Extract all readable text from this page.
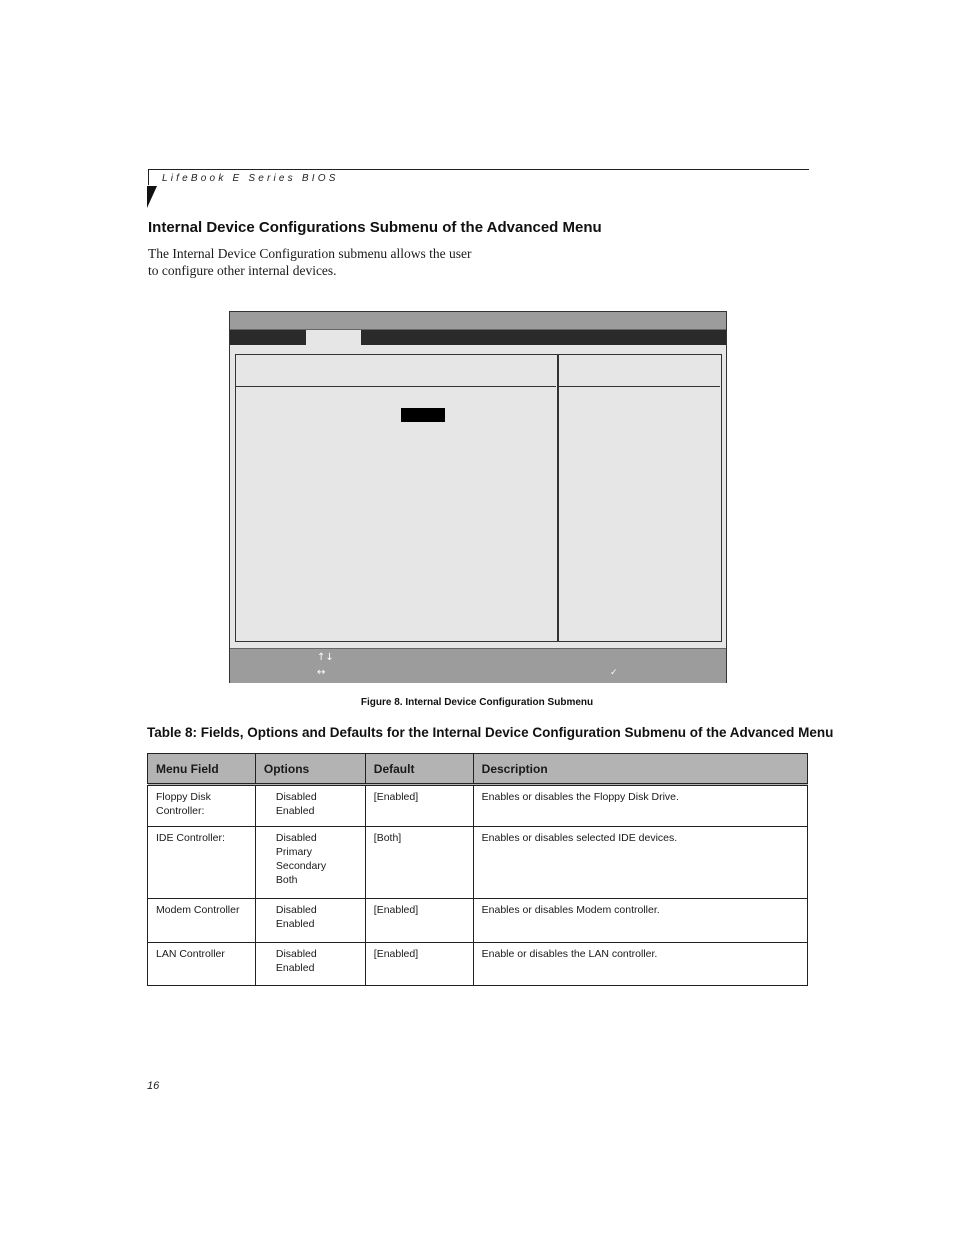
LifeBook E Series BIOS
Internal Device Configurations Submenu of the Advanced Menu
The Internal Device Configuration submenu allows the user to configure other internal devices.
↑↓
↔	✓
Figure 8. Internal Device Configuration Submenu
Table 8: Fields, Options and Defaults for the Internal Device Configuration Submenu of the Advanced Menu
Menu Field	Options	Default	Description
Floppy Disk Controller:	Disabled
Enabled	[Enabled]	Enables or disables the Floppy Disk Drive.
IDE Controller:	Disabled
Primary
Secondary
Both	[Both]	Enables or disables selected IDE devices.
Modem Controller	Disabled
Enabled	[Enabled]	Enables or disables Modem controller.
LAN Controller	Disabled
Enabled	[Enabled]	Enable or disables the LAN controller.
16
